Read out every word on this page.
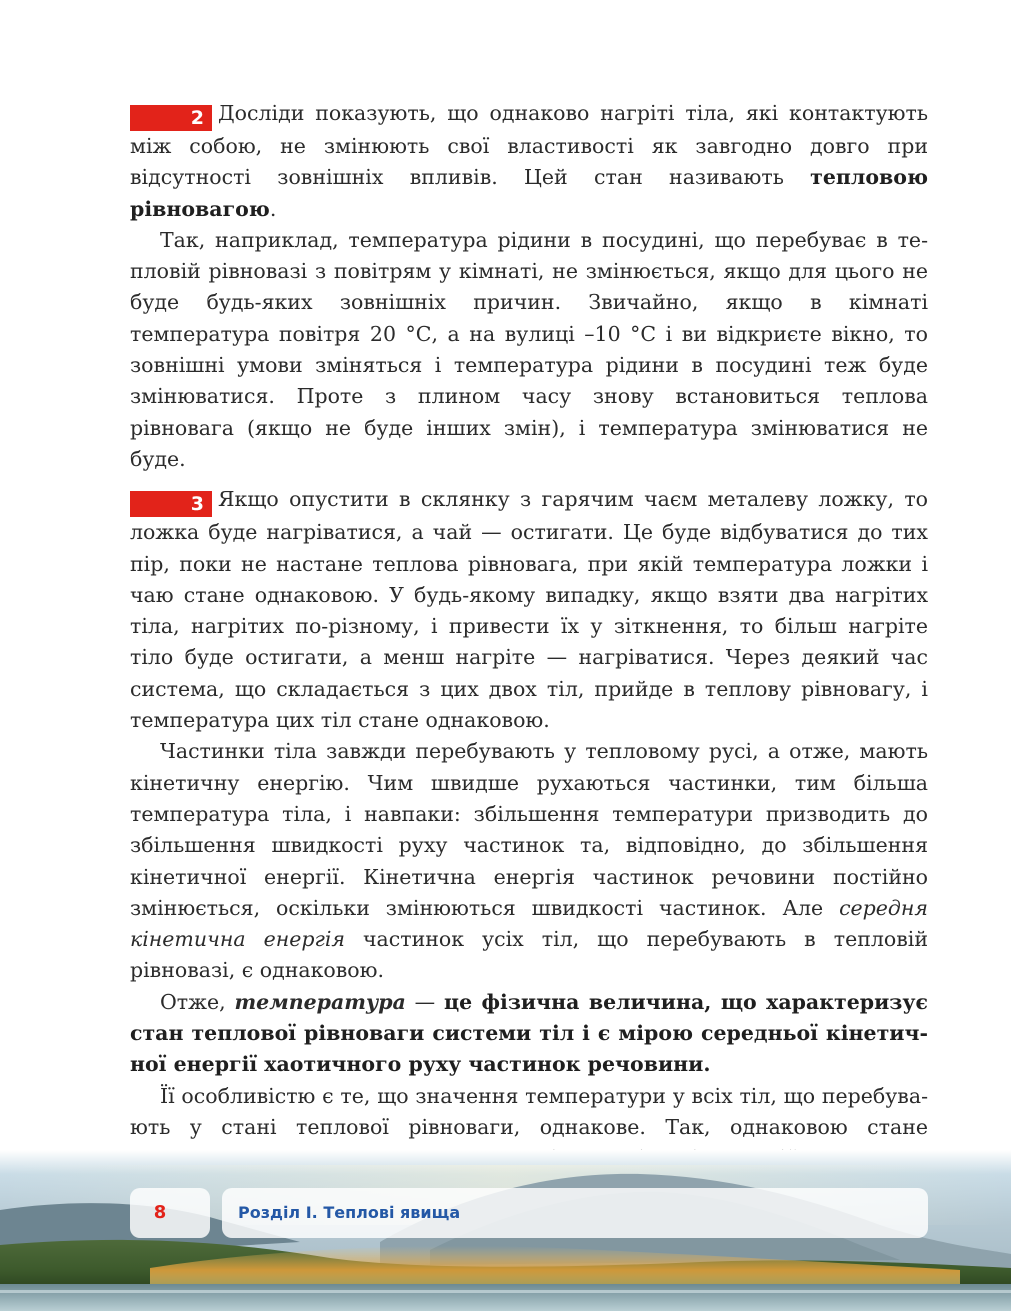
2 Досліди показують, що однаково нагріті тіла, які контактують між собою, не змінюють свої властивості як завгодно довго при відсутності зовнішніх впливів. Цей стан називають тепловою рівновагою.

Так, наприклад, температура рідини в посудині, що перебуває в тепловій рівновазі з повітрям у кімнаті, не змінюється, якщо для цього не буде будь-яких зовнішніх причин. Звичайно, якщо в кімнаті температура повітря 20 °С, а на вулиці –10 °С і ви відкриєте вікно, то зовнішні умови зміняться і температура рідини в посудині теж буде змінюватися. Проте з плином часу знову встановиться теплова рівновага (якщо не буде інших змін), і температура змінюватися не буде.

3 Якщо опустити в склянку з гарячим чаєм металеву ложку, то ложка буде нагріватися, а чай — остигати. Це буде відбуватися до тих пір, поки не настане теплова рівновага, при якій температура ложки і чаю стане однаковою. У будь-якому випадку, якщо взяти два нагрітих тіла, нагрітих по-різному, і привести їх у зіткнення, то більш нагріте тіло буде остигати, а менш нагріте — нагріватися. Через деякий час система, що складається з цих двох тіл, прийде в теплову рівновагу, і температура цих тіл стане однаковою.

Частинки тіла завжди перебувають у тепловому русі, а отже, мають кінетичну енергію. Чим швидше рухаються частинки, тим більша температура тіла, і навпаки: збільшення температури призводить до збільшення швидкості руху частинок та, відповідно, до збільшення кінетичної енергії. Кінетична енергія частинок речовини постійно змінюється, оскільки змінюються швидкості частинок. Але середня кінетична енергія частинок усіх тіл, що перебувають в тепловій рівновазі, є однаковою.

Отже, температура — це фізична величина, що характеризує стан теплової рівноваги системи тіл і є мірою середньої кінетичної енергії хаотичного руху частинок речовини.

Її особливістю є те, що значення температури у всіх тіл, що перебувають у стані теплової рівноваги, однакове. Так, однаковою стане

8	Розділ І. Теплові явища
